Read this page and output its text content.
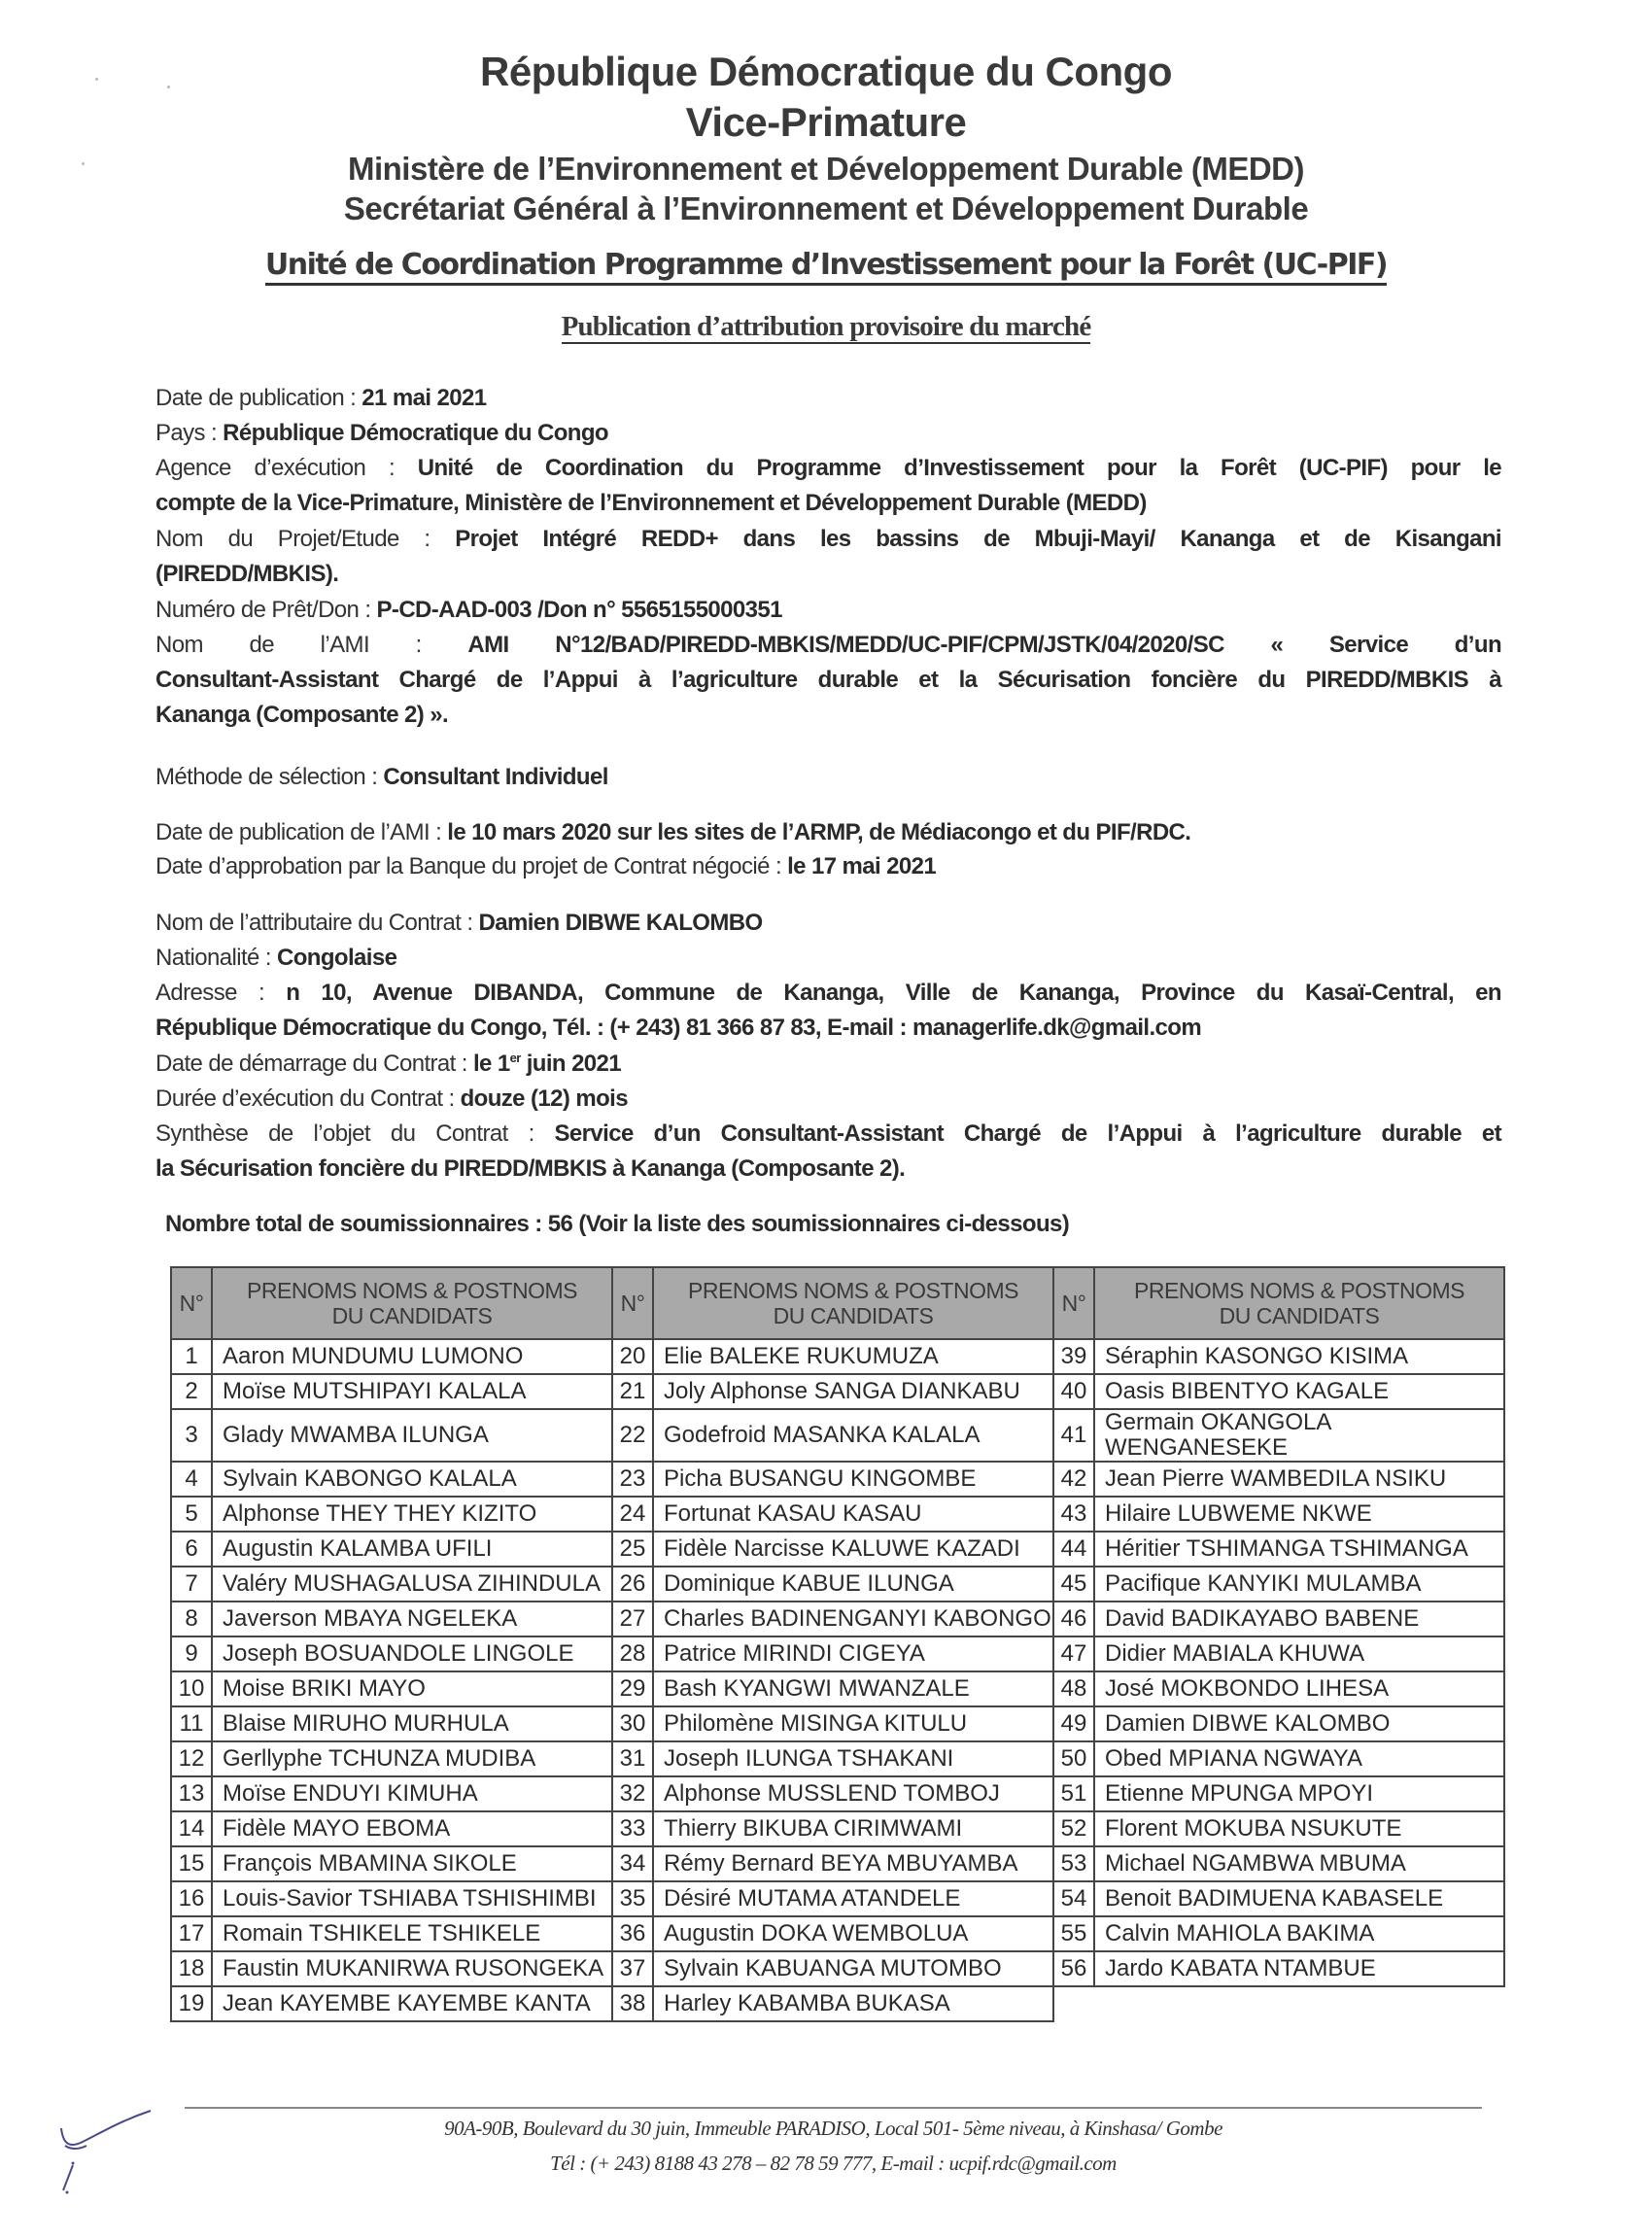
République Démocratique du Congo
Vice-Primature
Ministère de l’Environnement et Développement Durable (MEDD)
Secrétariat Général à l’Environnement et Développement Durable
Unité de Coordination Programme d’Investissement pour la Forêt (UC-PIF)
Publication d’attribution provisoire du marché
Date de publication : 21 mai 2021
Pays : République Démocratique du Congo
Agence d’exécution : Unité de Coordination du Programme d’Investissement pour la Forêt (UC-PIF) pour le
compte de la Vice-Primature, Ministère de l’Environnement et Développement Durable (MEDD)
Nom du Projet/Etude : Projet Intégré REDD+ dans les bassins de Mbuji-Mayi/ Kananga et de Kisangani
(PIREDD/MBKIS).
Numéro de Prêt/Don : P-CD-AAD-003 /Don n° 5565155000351
Nom de l’AMI : AMI N°12/BAD/PIREDD-MBKIS/MEDD/UC-PIF/CPM/JSTK/04/2020/SC « Service d’un
Consultant-Assistant Chargé de l’Appui à l’agriculture durable et la Sécurisation foncière du PIREDD/MBKIS à
Kananga (Composante 2) ».
Méthode de sélection : Consultant Individuel
Date de publication de l’AMI : le 10 mars 2020 sur les sites de l’ARMP, de Médiacongo et du PIF/RDC.
Date d’approbation par la Banque du projet de Contrat négocié : le 17 mai 2021
Nom de l’attributaire du Contrat : Damien DIBWE KALOMBO
Nationalité : Congolaise
Adresse : n 10, Avenue DIBANDA, Commune de Kananga, Ville de Kananga, Province du Kasaï-Central, en
République Démocratique du Congo, Tél. : (+ 243) 81 366 87 83, E-mail : managerlife.dk@gmail.com
Date de démarrage du Contrat : le 1er juin 2021
Durée d’exécution du Contrat : douze (12) mois
Synthèse de l’objet du Contrat : Service d’un Consultant-Assistant Chargé de l’Appui à l’agriculture durable et
la Sécurisation foncière du PIREDD/MBKIS à Kananga (Composante 2).
Nombre total de soumissionnaires : 56 (Voir la liste des soumissionnaires ci-dessous)
N°	PRENOMS NOMS & POSTNOMS
DU CANDIDATS	N°	PRENOMS NOMS & POSTNOMS
DU CANDIDATS	N°	PRENOMS NOMS & POSTNOMS
DU CANDIDATS
1	Aaron MUNDUMU LUMONO	20	Elie BALEKE RUKUMUZA	39	Séraphin KASONGO KISIMA
2	Moïse MUTSHIPAYI KALALA	21	Joly Alphonse SANGA DIANKABU	40	Oasis BIBENTYO KAGALE
3	Glady MWAMBA ILUNGA	22	Godefroid MASANKA KALALA	41	Germain OKANGOLA WENGANESEKE
4	Sylvain KABONGO KALALA	23	Picha BUSANGU KINGOMBE	42	Jean Pierre WAMBEDILA NSIKU
5	Alphonse THEY THEY KIZITO	24	Fortunat KASAU KASAU	43	Hilaire LUBWEME NKWE
6	Augustin KALAMBA UFILI	25	Fidèle Narcisse KALUWE KAZADI	44	Héritier TSHIMANGA TSHIMANGA
7	Valéry MUSHAGALUSA ZIHINDULA	26	Dominique KABUE ILUNGA	45	Pacifique KANYIKI MULAMBA
8	Javerson MBAYA NGELEKA	27	Charles BADINENGANYI KABONGO	46	David BADIKAYABO BABENE
9	Joseph BOSUANDOLE LINGOLE	28	Patrice MIRINDI CIGEYA	47	Didier MABIALA KHUWA
10	Moise BRIKI MAYO	29	Bash KYANGWI MWANZALE	48	José MOKBONDO LIHESA
11	Blaise MIRUHO MURHULA	30	Philomène MISINGA KITULU	49	Damien DIBWE KALOMBO
12	Gerllyphe TCHUNZA MUDIBA	31	Joseph ILUNGA TSHAKANI	50	Obed MPIANA NGWAYA
13	Moïse ENDUYI KIMUHA	32	Alphonse MUSSLEND TOMBOJ	51	Etienne MPUNGA MPOYI
14	Fidèle MAYO EBOMA	33	Thierry BIKUBA CIRIMWAMI	52	Florent MOKUBA NSUKUTE
15	François MBAMINA SIKOLE	34	Rémy Bernard BEYA MBUYAMBA	53	Michael NGAMBWA MBUMA
16	Louis-Savior TSHIABA TSHISHIMBI	35	Désiré MUTAMA ATANDELE	54	Benoit BADIMUENA KABASELE
17	Romain TSHIKELE TSHIKELE	36	Augustin DOKA WEMBOLUA	55	Calvin MAHIOLA BAKIMA
18	Faustin MUKANIRWA RUSONGEKA	37	Sylvain KABUANGA MUTOMBO	56	Jardo KABATA NTAMBUE
19	Jean KAYEMBE KAYEMBE KANTA	38	Harley KABAMBA BUKASA		
90A-90B, Boulevard du 30 juin, Immeuble PARADISO, Local 501- 5ème niveau, à Kinshasa/ Gombe
Tél : (+ 243) 8188 43 278 – 82 78 59 777, E-mail : ucpif.rdc@gmail.com
